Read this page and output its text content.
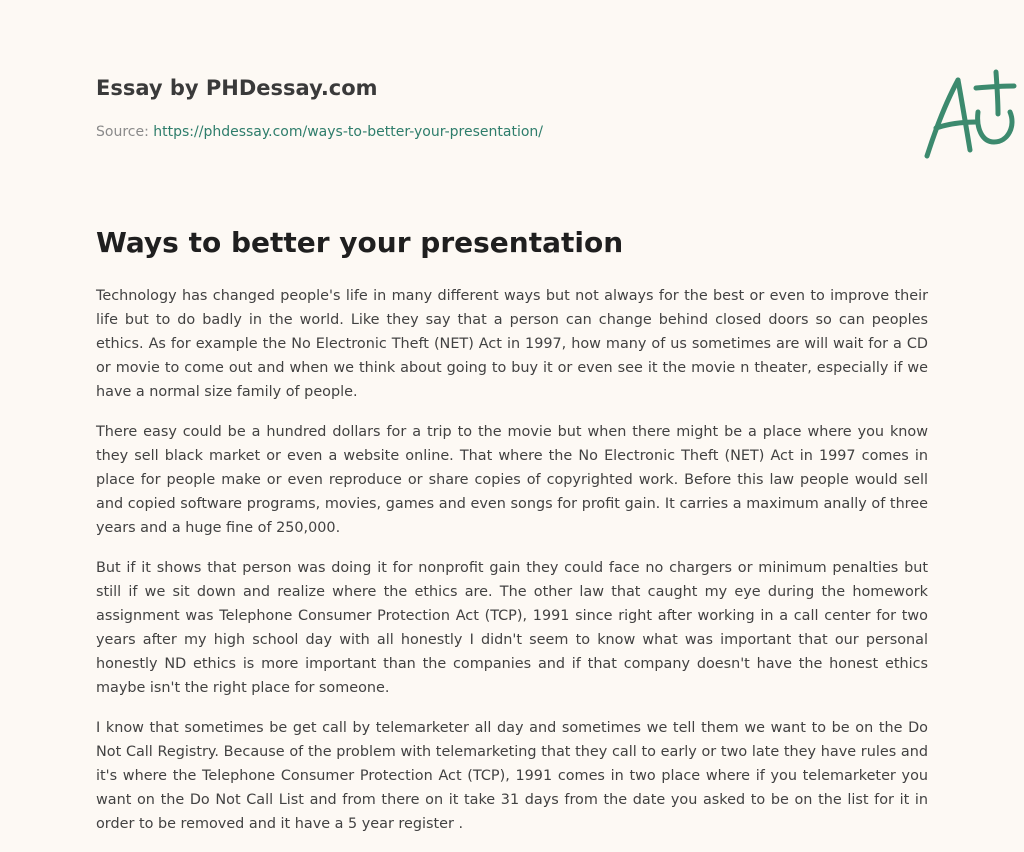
Essay by PHDessay.com
Source: https://phdessay.com/ways-to-better-your-presentation/
Ways to better your presentation

Technology has changed people's life in many different ways but not always for the best or even to improve their life but to do badly in the world. Like they say that a person can change behind closed doors so can peoples ethics. As for example the No Electronic Theft (NET) Act in 1997, how many of us sometimes are will wait for a CD or movie to come out and when we think about going to buy it or even see it the movie n theater, especially if we have a normal size family of people.

There easy could be a hundred dollars for a trip to the movie but when there might be a place where you know they sell black market or even a website online. That where the No Electronic Theft (NET) Act in 1997 comes in place for people make or even reproduce or share copies of copyrighted work. Before this law people would sell and copied software programs, movies, games and even songs for profit gain. It carries a maximum anally of three years and a huge fine of 250,000.

But if it shows that person was doing it for nonprofit gain they could face no chargers or minimum penalties but still if we sit down and realize where the ethics are. The other law that caught my eye during the homework assignment was Telephone Consumer Protection Act (TCP), 1991 since right after working in a call center for two years after my high school day with all honestly I didn't seem to know what was important that our personal honestly ND ethics is more important than the companies and if that company doesn't have the honest ethics maybe isn't the right place for someone.

I know that sometimes be get call by telemarketer all day and sometimes we tell them we want to be on the Do Not Call Registry. Because of the problem with telemarketing that they call to early or two late they have rules and it's where the Telephone Consumer Protection Act (TCP), 1991 comes in two place where if you telemarketer you want on the Do Not Call List and from there on it take 31 days from the date you asked to be on the list for it in order to be removed and it have a 5 year register .
